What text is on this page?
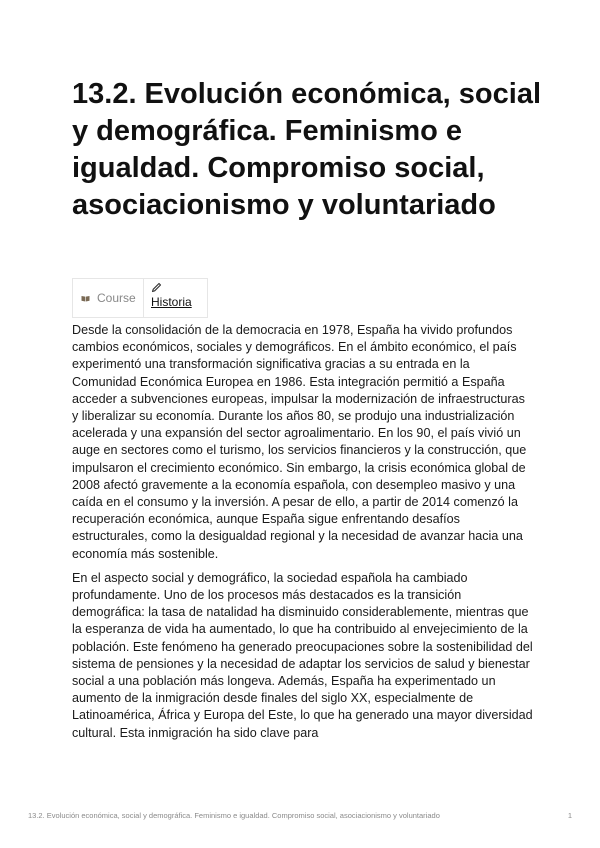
13.2. Evolución económica, social y demográfica. Feminismo e igualdad. Compromiso social, asociacionismo y voluntariado
Course	Historia

Desde la consolidación de la democracia en 1978, España ha vivido profundos cambios económicos, sociales y demográficos. En el ámbito económico, el país experimentó una transformación significativa gracias a su entrada en la Comunidad Económica Europea en 1986. Esta integración permitió a España acceder a subvenciones europeas, impulsar la modernización de infraestructuras y liberalizar su economía. Durante los años 80, se produjo una industrialización acelerada y una expansión del sector agroalimentario. En los 90, el país vivió un auge en sectores como el turismo, los servicios financieros y la construcción, que impulsaron el crecimiento económico. Sin embargo, la crisis económica global de 2008 afectó gravemente a la economía española, con desempleo masivo y una caída en el consumo y la inversión. A pesar de ello, a partir de 2014 comenzó la recuperación económica, aunque España sigue enfrentando desafíos estructurales, como la desigualdad regional y la necesidad de avanzar hacia una economía más sostenible.

En el aspecto social y demográfico, la sociedad española ha cambiado profundamente. Uno de los procesos más destacados es la transición demográfica: la tasa de natalidad ha disminuido considerablemente, mientras que la esperanza de vida ha aumentado, lo que ha contribuido al envejecimiento de la población. Este fenómeno ha generado preocupaciones sobre la sostenibilidad del sistema de pensiones y la necesidad de adaptar los servicios de salud y bienestar social a una población más longeva. Además, España ha experimentado un aumento de la inmigración desde finales del siglo XX, especialmente de Latinoamérica, África y Europa del Este, lo que ha generado una mayor diversidad cultural. Esta inmigración ha sido clave para

13.2. Evolución económica, social y demográfica. Feminismo e igualdad. Compromiso social, asociacionismo y voluntariado	1
